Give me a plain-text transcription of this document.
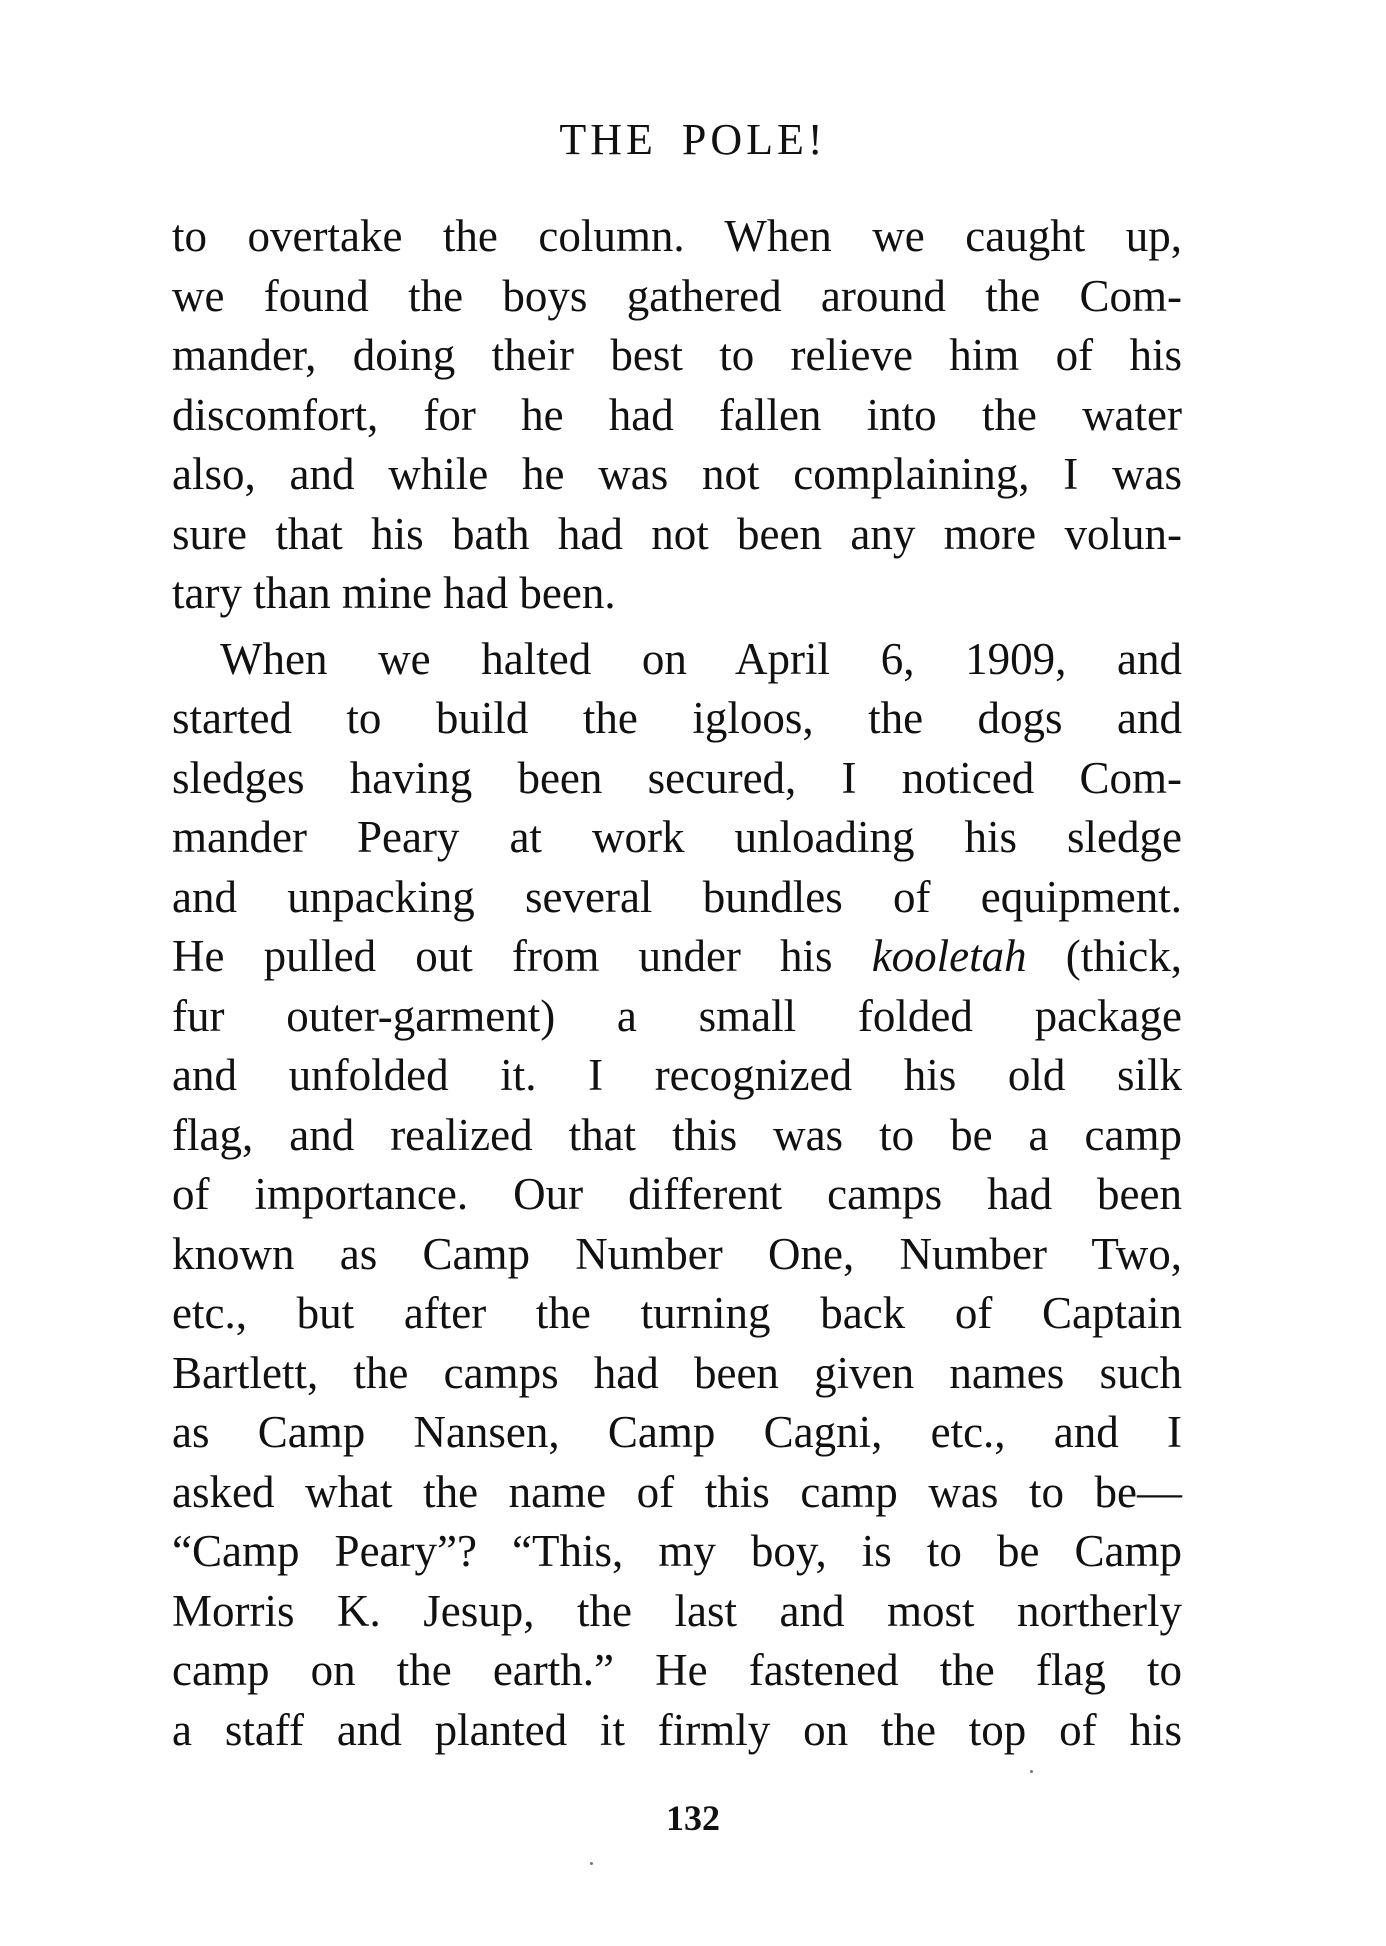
THE POLE!
to overtake the column. When we caught up,
we found the boys gathered around the Com-
mander, doing their best to relieve him of his
discomfort, for he had fallen into the water
also, and while he was not complaining, I was
sure that his bath had not been any more volun-
tary than mine had been.
When we halted on April 6, 1909, and
started to build the igloos, the dogs and
sledges having been secured, I noticed Com-
mander Peary at work unloading his sledge
and unpacking several bundles of equipment.
He pulled out from under his kooletah (thick,
fur outer-garment) a small folded package
and unfolded it. I recognized his old silk
flag, and realized that this was to be a camp
of importance. Our different camps had been
known as Camp Number One, Number Two,
etc., but after the turning back of Captain
Bartlett, the camps had been given names such
as Camp Nansen, Camp Cagni, etc., and I
asked what the name of this camp was to be—
“Camp Peary”? “This, my boy, is to be Camp
Morris K. Jesup, the last and most northerly
camp on the earth.” He fastened the flag to
a staff and planted it firmly on the top of his
132
